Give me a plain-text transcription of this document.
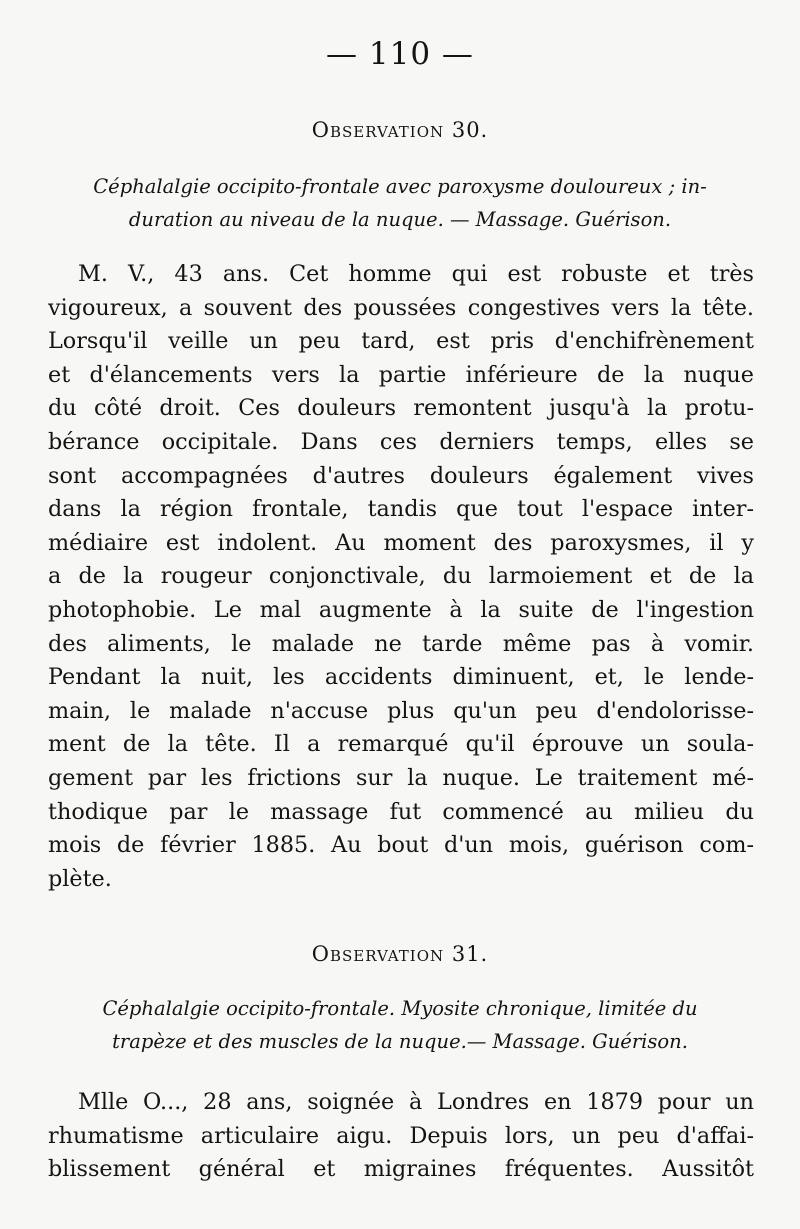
— 110 —
Observation 30.
Céphalalgie occipito-frontale avec paroxysme douloureux ; in-
duration au niveau de la nuque. — Massage. Guérison.
M. V., 43 ans. Cet homme qui est robuste et très
vigoureux, a souvent des poussées congestives vers la tête.
Lorsqu'il veille un peu tard, est pris d'enchifrènement
et d'élancements vers la partie inférieure de la nuque
du côté droit. Ces douleurs remontent jusqu'à la protu-
bérance occipitale. Dans ces derniers temps, elles se
sont accompagnées d'autres douleurs également vives
dans la région frontale, tandis que tout l'espace inter-
médiaire est indolent. Au moment des paroxysmes, il y
a de la rougeur conjonctivale, du larmoiement et de la
photophobie. Le mal augmente à la suite de l'ingestion
des aliments, le malade ne tarde même pas à vomir.
Pendant la nuit, les accidents diminuent, et, le lende-
main, le malade n'accuse plus qu'un peu d'endolorisse-
ment de la tête. Il a remarqué qu'il éprouve un soula-
gement par les frictions sur la nuque. Le traitement mé-
thodique par le massage fut commencé au milieu du
mois de février 1885. Au bout d'un mois, guérison com-
plète.
Observation 31.
Céphalalgie occipito-frontale. Myosite chronique, limitée du
trapèze et des muscles de la nuque.— Massage. Guérison.
Mlle O..., 28 ans, soignée à Londres en 1879 pour un
rhumatisme articulaire aigu. Depuis lors, un peu d'affai-
blissement général et migraines fréquentes. Aussitôt
